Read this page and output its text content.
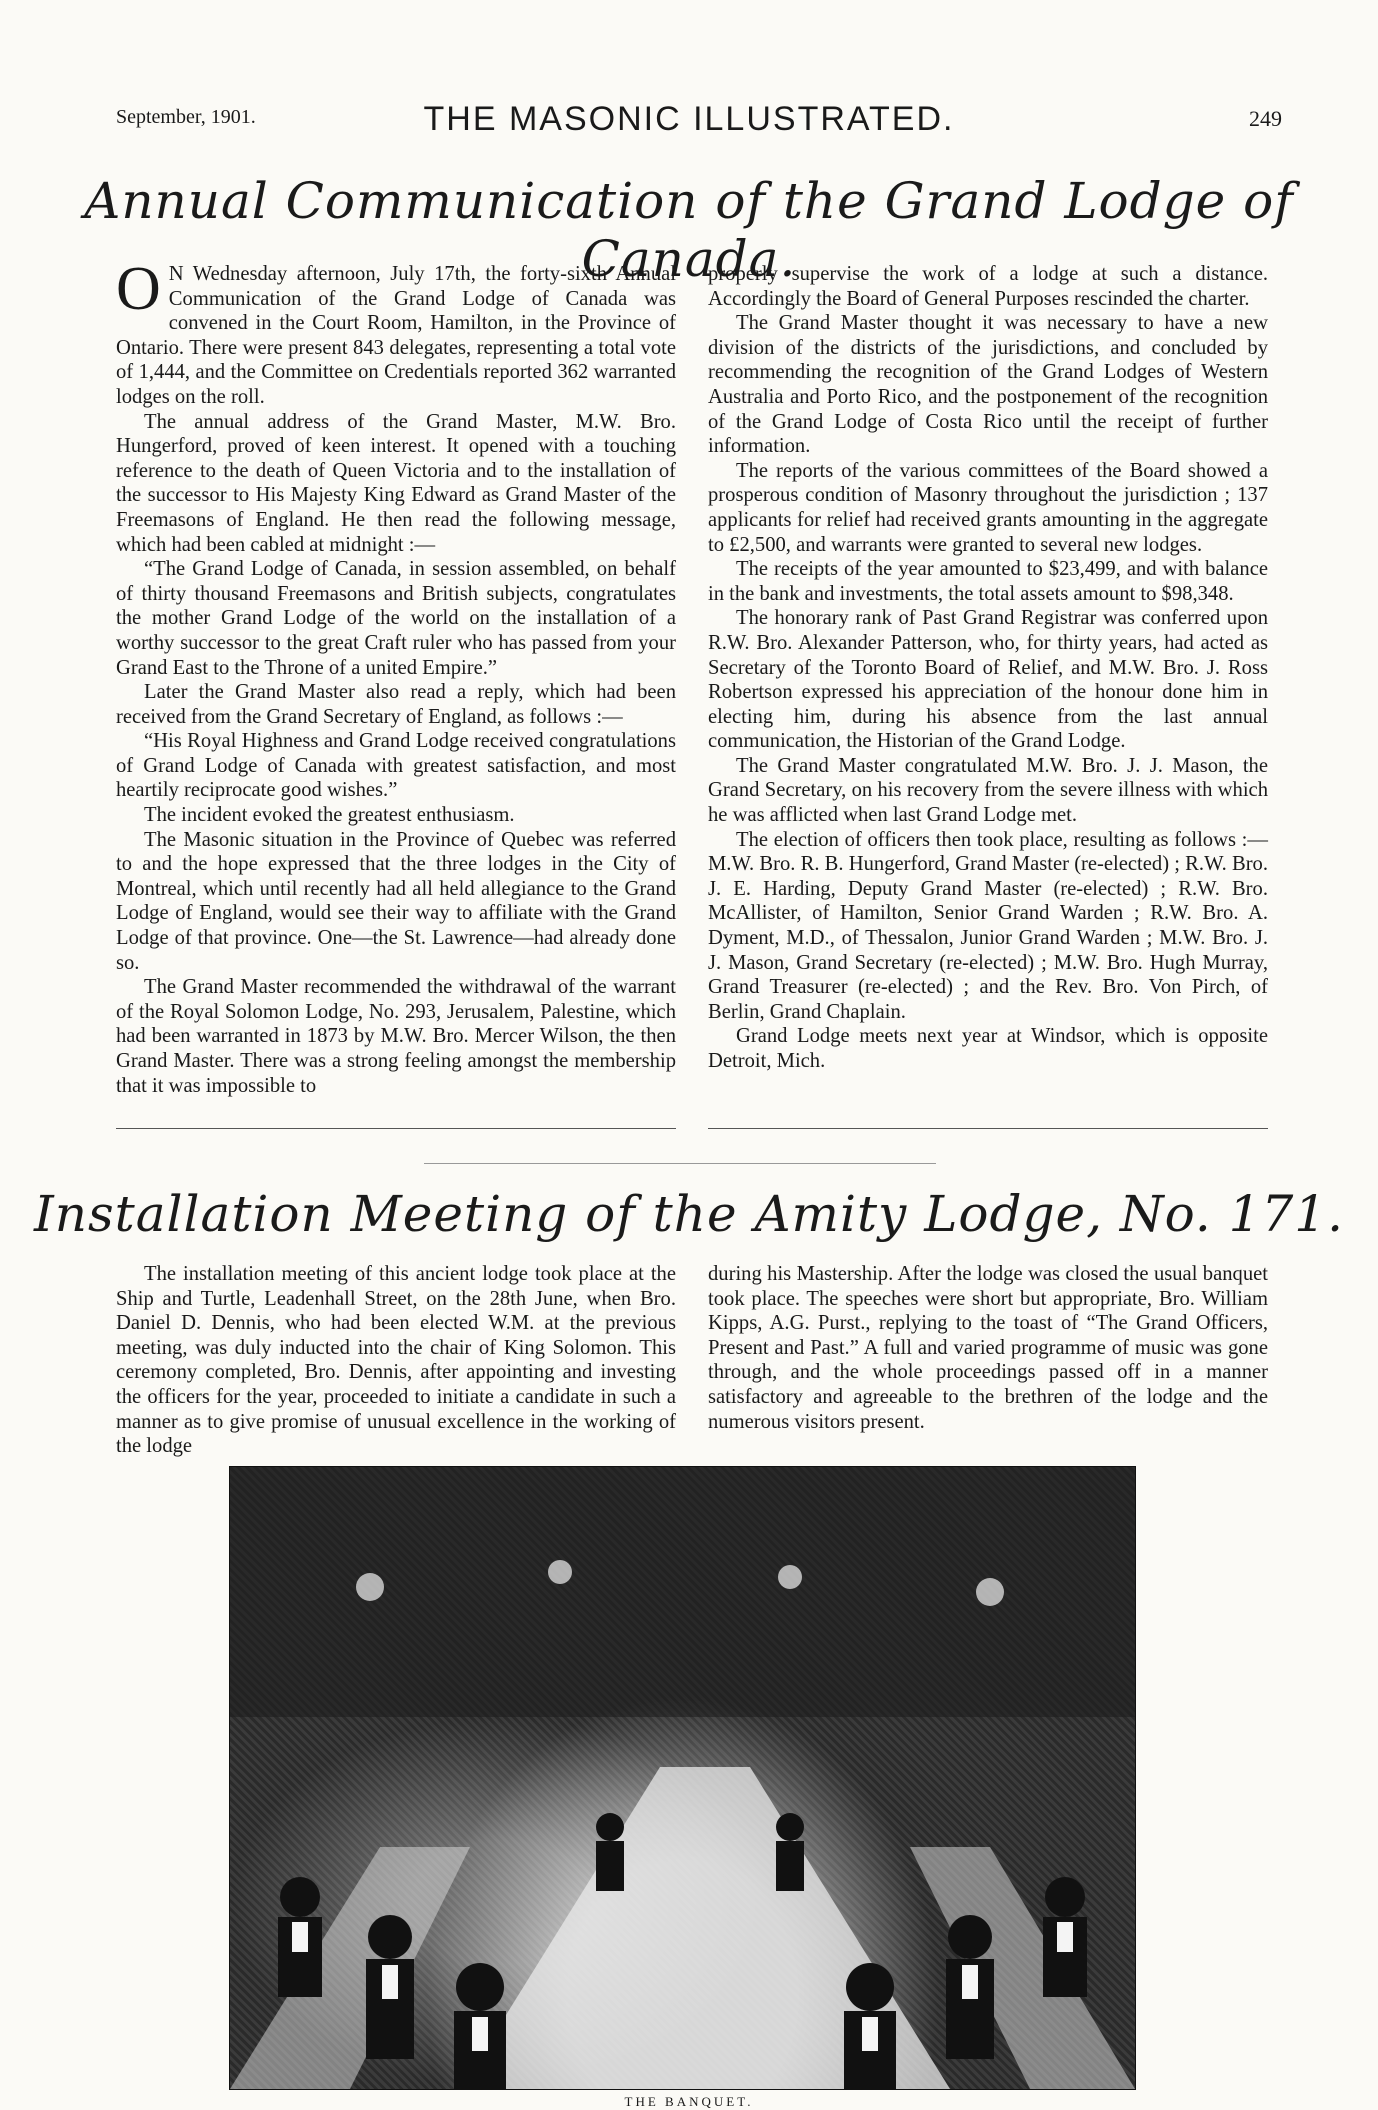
September, 1901.	THE MASONIC ILLUSTRATED.	249
Annual Communication of the Grand Lodge of Canada.

O N Wednesday afternoon, July 17th, the forty-sixth Annual Communication of the Grand Lodge of Canada was convened in the Court Room, Hamilton, in the Province of Ontario. There were present 843 delegates, representing a total vote of 1,444, and the Committee on Credentials reported 362 warranted lodges on the roll.

The annual address of the Grand Master, M.W. Bro. Hungerford, proved of keen interest. It opened with a touching reference to the death of Queen Victoria and to the installation of the successor to His Majesty King Edward as Grand Master of the Freemasons of England. He then read the following message, which had been cabled at midnight :—

“The Grand Lodge of Canada, in session assembled, on behalf of thirty thousand Freemasons and British subjects, congratulates the mother Grand Lodge of the world on the installation of a worthy successor to the great Craft ruler who has passed from your Grand East to the Throne of a united Empire.”

Later the Grand Master also read a reply, which had been received from the Grand Secretary of England, as follows :—

“His Royal Highness and Grand Lodge received congratulations of Grand Lodge of Canada with greatest satisfaction, and most heartily reciprocate good wishes.”

The incident evoked the greatest enthusiasm.

The Masonic situation in the Province of Quebec was referred to and the hope expressed that the three lodges in the City of Montreal, which until recently had all held allegiance to the Grand Lodge of England, would see their way to affiliate with the Grand Lodge of that province. One—the St. Lawrence—had already done so.

The Grand Master recommended the withdrawal of the warrant of the Royal Solomon Lodge, No. 293, Jerusalem, Palestine, which had been warranted in 1873 by M.W. Bro. Mercer Wilson, the then Grand Master. There was a strong feeling amongst the membership that it was impossible to

properly supervise the work of a lodge at such a distance. Accordingly the Board of General Purposes rescinded the charter.

The Grand Master thought it was necessary to have a new division of the districts of the jurisdictions, and concluded by recommending the recognition of the Grand Lodges of Western Australia and Porto Rico, and the postponement of the recognition of the Grand Lodge of Costa Rico until the receipt of further information.

The reports of the various committees of the Board showed a prosperous condition of Masonry throughout the jurisdiction ; 137 applicants for relief had received grants amounting in the aggregate to £2,500, and warrants were granted to several new lodges.

The receipts of the year amounted to $23,499, and with balance in the bank and investments, the total assets amount to $98,348.

The honorary rank of Past Grand Registrar was conferred upon R.W. Bro. Alexander Patterson, who, for thirty years, had acted as Secretary of the Toronto Board of Relief, and M.W. Bro. J. Ross Robertson expressed his appreciation of the honour done him in electing him, during his absence from the last annual communication, the Historian of the Grand Lodge.

The Grand Master congratulated M.W. Bro. J. J. Mason, the Grand Secretary, on his recovery from the severe illness with which he was afflicted when last Grand Lodge met.

The election of officers then took place, resulting as follows :—M.W. Bro. R. B. Hungerford, Grand Master (re-elected) ; R.W. Bro. J. E. Harding, Deputy Grand Master (re-elected) ; R.W. Bro. McAllister, of Hamilton, Senior Grand Warden ; R.W. Bro. A. Dyment, M.D., of Thessalon, Junior Grand Warden ; M.W. Bro. J. J. Mason, Grand Secretary (re-elected) ; M.W. Bro. Hugh Murray, Grand Treasurer (re-elected) ; and the Rev. Bro. Von Pirch, of Berlin, Grand Chaplain.

Grand Lodge meets next year at Windsor, which is opposite Detroit, Mich.

Installation Meeting of the Amity Lodge, No. 171.

The installation meeting of this ancient lodge took place at the Ship and Turtle, Leadenhall Street, on the 28th June, when Bro. Daniel D. Dennis, who had been elected W.M. at the previous meeting, was duly inducted into the chair of King Solomon. This ceremony completed, Bro. Dennis, after appointing and investing the officers for the year, proceeded to initiate a candidate in such a manner as to give promise of unusual excellence in the working of the lodge

during his Mastership. After the lodge was closed the usual banquet took place. The speeches were short but appropriate, Bro. William Kipps, A.G. Purst., replying to the toast of “The Grand Officers, Present and Past.” A full and varied programme of music was gone through, and the whole proceedings passed off in a manner satisfactory and agreeable to the brethren of the lodge and the numerous visitors present.

THE BANQUET.
